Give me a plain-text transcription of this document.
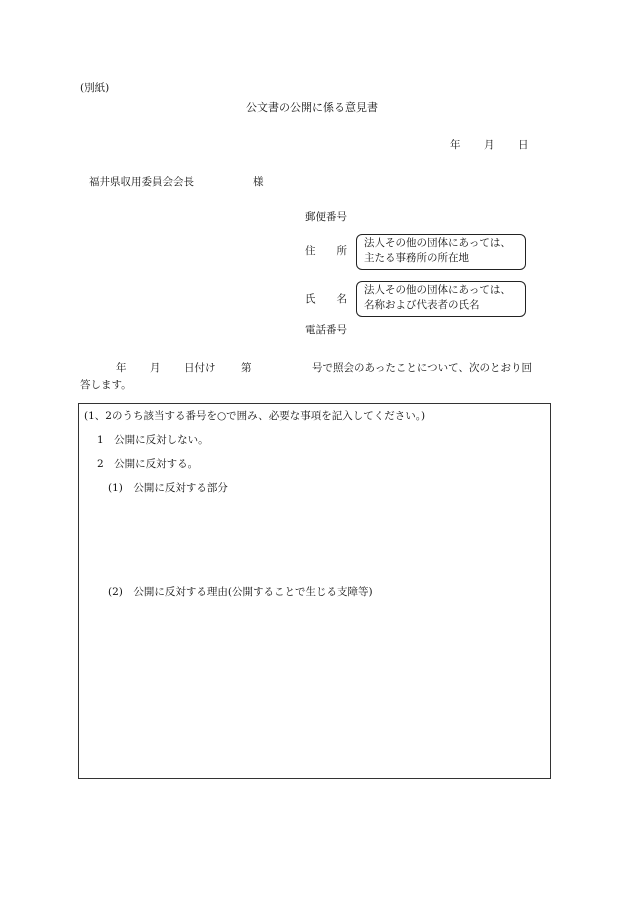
(別紙)
公文書の公開に係る意見書
年 月 日
福井県収用委員会会長	様
郵便番号
住　　所
法人その他の団体にあっては、
主たる事務所の所在地
氏　　名
法人その他の団体にあっては、
名称および代表者の氏名
電話番号
年 月 日付け 第	号で照会のあったことについて、次のとおり回
答します。
(1、2のうち該当する番号を○で囲み、必要な事項を記入してください。)
1　公開に反対しない。
2　公開に反対する。
(1)　公開に反対する部分
(2)　公開に反対する理由(公開することで生じる支障等)
